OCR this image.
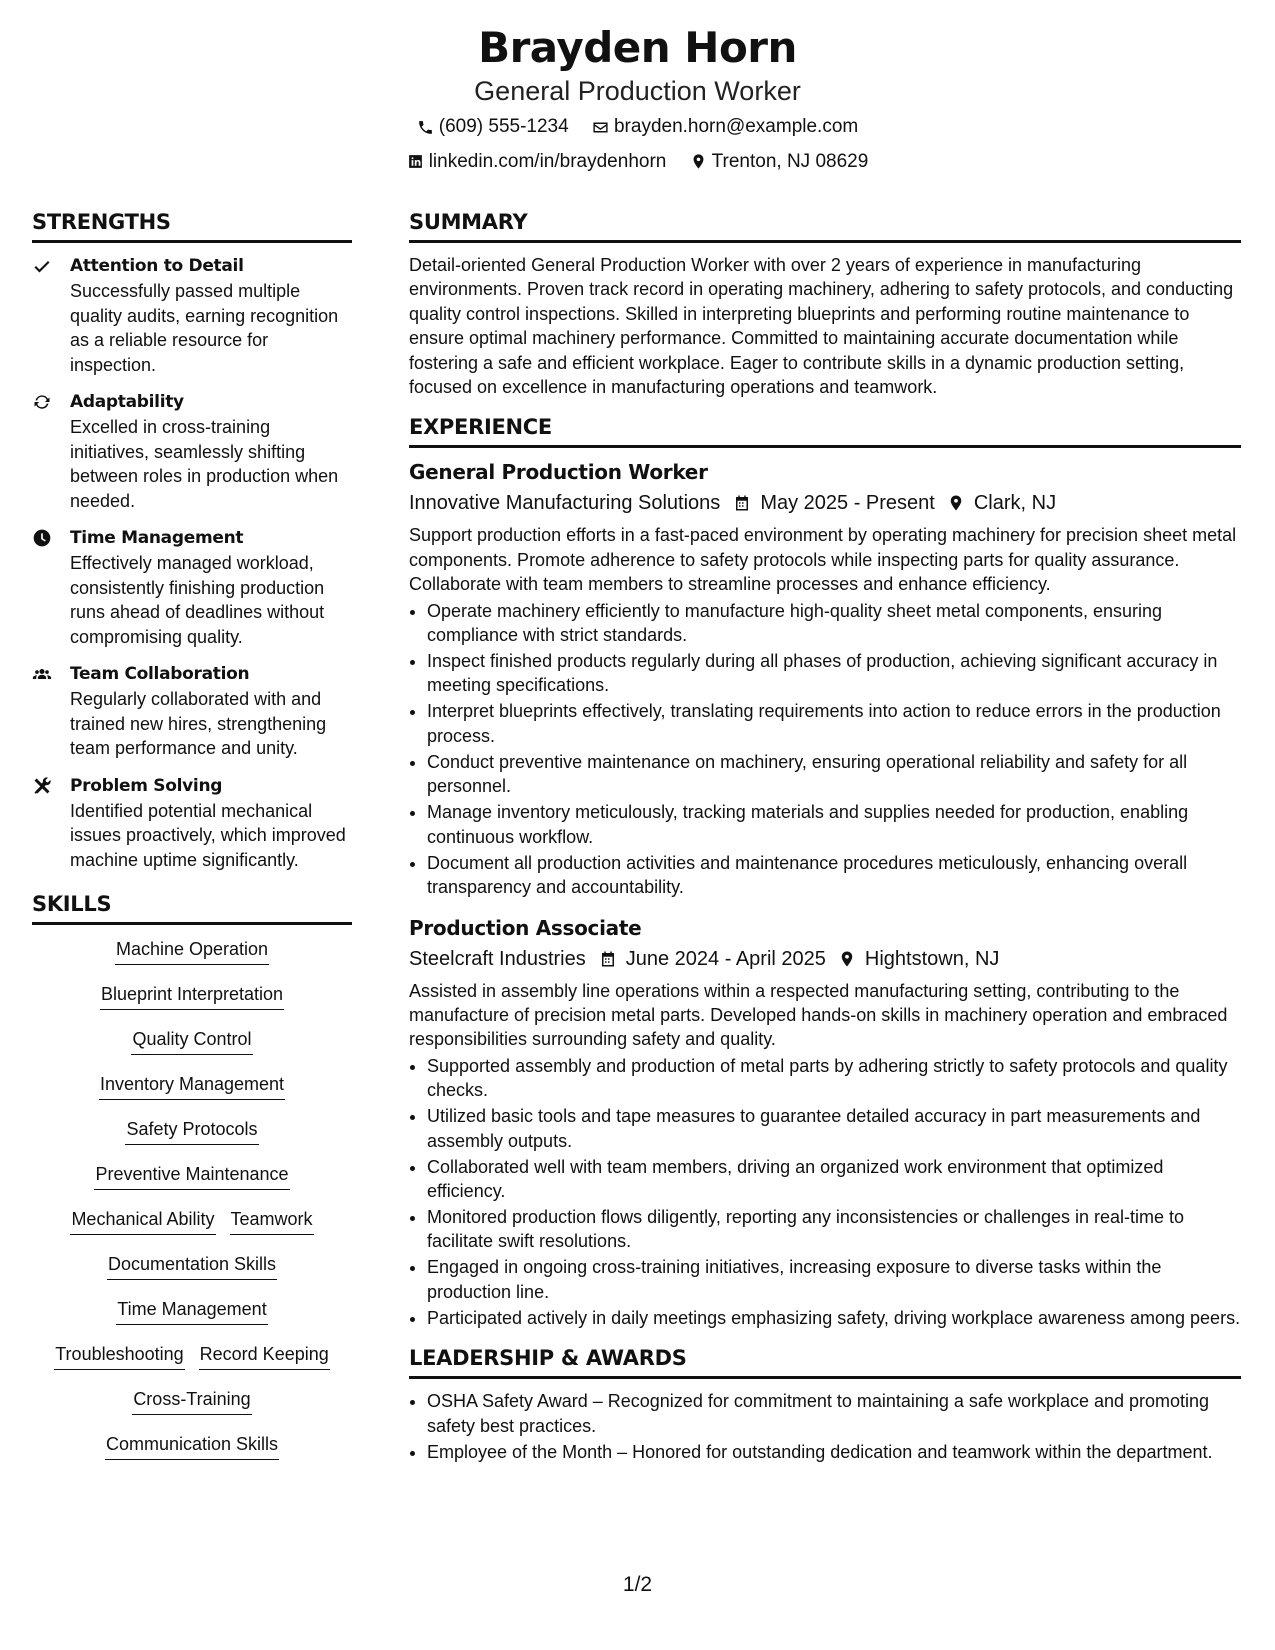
Brayden Horn
General Production Worker
(609) 555-1234
brayden.horn@example.com
linkedin.com/in/braydenhorn
Trenton, NJ 08629
STRENGTHS
Attention to Detail
Successfully passed multiple quality audits, earning recognition as a reliable resource for inspection.
Adaptability
Excelled in cross-training initiatives, seamlessly shifting between roles in production when needed.
Time Management
Effectively managed workload, consistently finishing production runs ahead of deadlines without compromising quality.
Team Collaboration
Regularly collaborated with and trained new hires, strengthening team performance and unity.
Problem Solving
Identified potential mechanical issues proactively, which improved machine uptime significantly.
SKILLS
Machine Operation
Blueprint Interpretation
Quality Control
Inventory Management
Safety Protocols
Preventive Maintenance
Mechanical Ability Teamwork
Documentation Skills
Time Management
Troubleshooting Record Keeping
Cross-Training
Communication Skills
SUMMARY
Detail-oriented General Production Worker with over 2 years of experience in manufacturing environments. Proven track record in operating machinery, adhering to safety protocols, and conducting quality control inspections. Skilled in interpreting blueprints and performing routine maintenance to ensure optimal machinery performance. Committed to maintaining accurate documentation while fostering a safe and efficient workplace. Eager to contribute skills in a dynamic production setting, focused on excellence in manufacturing operations and teamwork.
EXPERIENCE
General Production Worker
Innovative Manufacturing Solutions May 2025 - Present Clark, NJ
Support production efforts in a fast-paced environment by operating machinery for precision sheet metal components. Promote adherence to safety protocols while inspecting parts for quality assurance. Collaborate with team members to streamline processes and enhance efficiency.
• Operate machinery efficiently to manufacture high-quality sheet metal components, ensuring compliance with strict standards.
• Inspect finished products regularly during all phases of production, achieving significant accuracy in meeting specifications.
• Interpret blueprints effectively, translating requirements into action to reduce errors in the production process.
• Conduct preventive maintenance on machinery, ensuring operational reliability and safety for all personnel.
• Manage inventory meticulously, tracking materials and supplies needed for production, enabling continuous workflow.
• Document all production activities and maintenance procedures meticulously, enhancing overall transparency and accountability.
Production Associate
Steelcraft Industries June 2024 - April 2025 Hightstown, NJ
Assisted in assembly line operations within a respected manufacturing setting, contributing to the manufacture of precision metal parts. Developed hands-on skills in machinery operation and embraced responsibilities surrounding safety and quality.
• Supported assembly and production of metal parts by adhering strictly to safety protocols and quality checks.
• Utilized basic tools and tape measures to guarantee detailed accuracy in part measurements and assembly outputs.
• Collaborated well with team members, driving an organized work environment that optimized efficiency.
• Monitored production flows diligently, reporting any inconsistencies or challenges in real-time to facilitate swift resolutions.
• Engaged in ongoing cross-training initiatives, increasing exposure to diverse tasks within the production line.
• Participated actively in daily meetings emphasizing safety, driving workplace awareness among peers.
LEADERSHIP & AWARDS
• OSHA Safety Award – Recognized for commitment to maintaining a safe workplace and promoting safety best practices.
• Employee of the Month – Honored for outstanding dedication and teamwork within the department.
1/2
